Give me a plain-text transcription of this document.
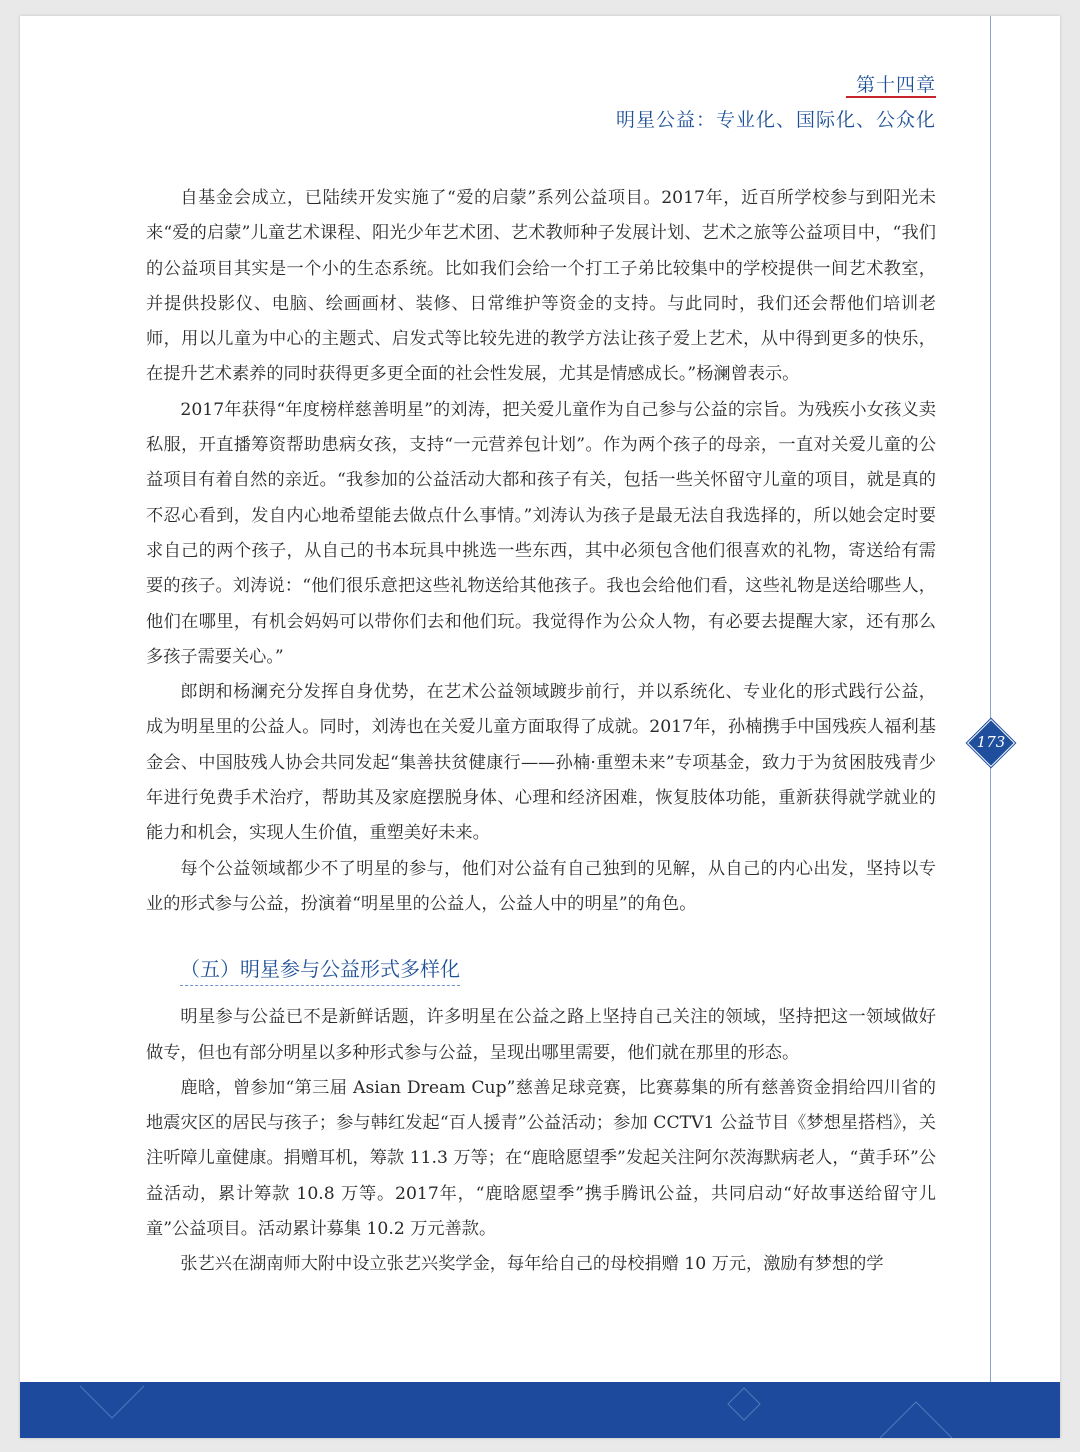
第十四章
明星公益：专业化、国际化、公众化
173

自基金会成立，已陆续开发实施了“爱的启蒙”系列公益项目。2017年，近百所学校参与到阳光未来“爱的启蒙”儿童艺术课程、阳光少年艺术团、艺术教师种子发展计划、艺术之旅等公益项目中，“我们的公益项目其实是一个小的生态系统。比如我们会给一个打工子弟比较集中的学校提供一间艺术教室，并提供投影仪、电脑、绘画画材、装修、日常维护等资金的支持。与此同时，我们还会帮他们培训老师，用以儿童为中心的主题式、启发式等比较先进的教学方法让孩子爱上艺术，从中得到更多的快乐，在提升艺术素养的同时获得更多更全面的社会性发展，尤其是情感成长。”杨澜曾表示。

2017年获得“年度榜样慈善明星”的刘涛，把关爱儿童作为自己参与公益的宗旨。为残疾小女孩义卖私服，开直播筹资帮助患病女孩，支持“一元营养包计划”。作为两个孩子的母亲，一直对关爱儿童的公益项目有着自然的亲近。“我参加的公益活动大都和孩子有关，包括一些关怀留守儿童的项目，就是真的不忍心看到，发自内心地希望能去做点什么事情。”刘涛认为孩子是最无法自我选择的，所以她会定时要求自己的两个孩子，从自己的书本玩具中挑选一些东西，其中必须包含他们很喜欢的礼物，寄送给有需要的孩子。刘涛说：“他们很乐意把这些礼物送给其他孩子。我也会给他们看，这些礼物是送给哪些人，他们在哪里，有机会妈妈可以带你们去和他们玩。我觉得作为公众人物，有必要去提醒大家，还有那么多孩子需要关心。”

郎朗和杨澜充分发挥自身优势，在艺术公益领域踱步前行，并以系统化、专业化的形式践行公益，成为明星里的公益人。同时，刘涛也在关爱儿童方面取得了成就。2017年，孙楠携手中国残疾人福利基金会、中国肢残人协会共同发起“集善扶贫健康行——孙楠·重塑未来”专项基金，致力于为贫困肢残青少年进行免费手术治疗，帮助其及家庭摆脱身体、心理和经济困难，恢复肢体功能，重新获得就学就业的能力和机会，实现人生价值，重塑美好未来。

每个公益领域都少不了明星的参与，他们对公益有自己独到的见解，从自己的内心出发，坚持以专业的形式参与公益，扮演着“明星里的公益人，公益人中的明星”的角色。

（五）明星参与公益形式多样化

明星参与公益已不是新鲜话题，许多明星在公益之路上坚持自己关注的领域，坚持把这一领域做好做专，但也有部分明星以多种形式参与公益，呈现出哪里需要，他们就在那里的形态。

鹿晗，曾参加“第三届 Asian Dream Cup”慈善足球竞赛，比赛募集的所有慈善资金捐给四川省的地震灾区的居民与孩子；参与韩红发起“百人援青”公益活动；参加 CCTV1 公益节目《梦想星搭档》，关注听障儿童健康。捐赠耳机，筹款 11.3 万等；在“鹿晗愿望季”发起关注阿尔茨海默病老人，“黄手环”公益活动，累计筹款 10.8 万等。2017年，“鹿晗愿望季”携手腾讯公益，共同启动“好故事送给留守儿童”公益项目。活动累计募集 10.2 万元善款。

张艺兴在湖南师大附中设立张艺兴奖学金，每年给自己的母校捐赠 10 万元，激励有梦想的学
